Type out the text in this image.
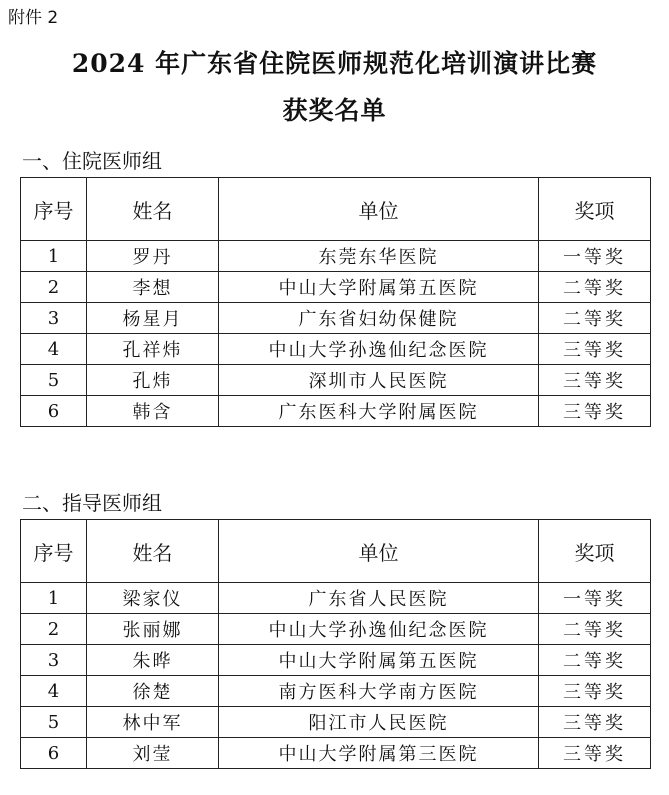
附件 2
2024 年广东省住院医师规范化培训演讲比赛
获奖名单
一、住院医师组
序号	姓名	单位	奖项
1	罗丹	东莞东华医院	一等奖
2	李想	中山大学附属第五医院	二等奖
3	杨星月	广东省妇幼保健院	二等奖
4	孔祥炜	中山大学孙逸仙纪念医院	三等奖
5	孔炜	深圳市人民医院	三等奖
6	韩含	广东医科大学附属医院	三等奖
二、指导医师组
序号	姓名	单位	奖项
1	梁家仪	广东省人民医院	一等奖
2	张丽娜	中山大学孙逸仙纪念医院	二等奖
3	朱晔	中山大学附属第五医院	二等奖
4	徐楚	南方医科大学南方医院	三等奖
5	林中军	阳江市人民医院	三等奖
6	刘莹	中山大学附属第三医院	三等奖
